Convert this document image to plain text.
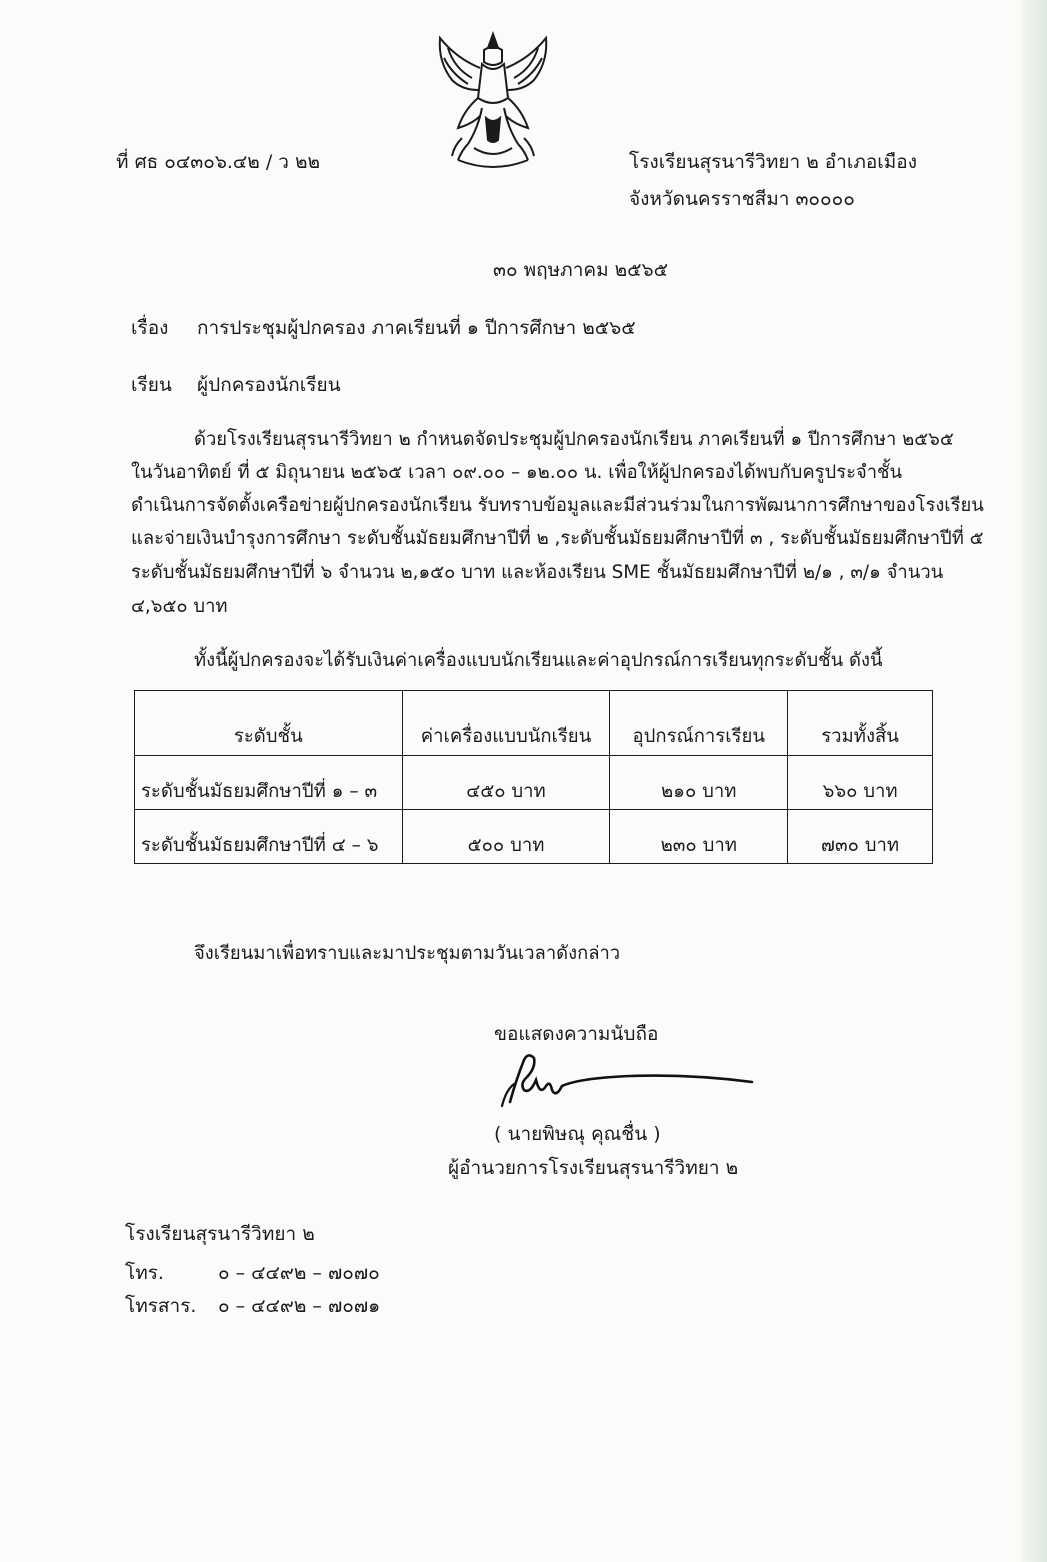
ที่ ศธ ๐๔๓๐๖.๔๒ / ว ๒๒	โรงเรียนสุรนารีวิทยา ๒ อำเภอเมือง
จังหวัดนครราชสีมา ๓๐๐๐๐
๓๐ พฤษภาคม ๒๕๖๕
เรื่อง การประชุมผู้ปกครอง ภาคเรียนที่ ๑ ปีการศึกษา ๒๕๖๕
เรียน ผู้ปกครองนักเรียน
ด้วยโรงเรียนสุรนารีวิทยา ๒ กำหนดจัดประชุมผู้ปกครองนักเรียน ภาคเรียนที่ ๑ ปีการศึกษา ๒๕๖๕
ในวันอาทิตย์ ที่ ๕ มิถุนายน ๒๕๖๕ เวลา ๐๙.๐๐ – ๑๒.๐๐ น. เพื่อให้ผู้ปกครองได้พบกับครูประจำชั้น
ดำเนินการจัดตั้งเครือข่ายผู้ปกครองนักเรียน รับทราบข้อมูลและมีส่วนร่วมในการพัฒนาการศึกษาของโรงเรียน
และจ่ายเงินบำรุงการศึกษา ระดับชั้นมัธยมศึกษาปีที่ ๒ ,ระดับชั้นมัธยมศึกษาปีที่ ๓ , ระดับชั้นมัธยมศึกษาปีที่ ๕
ระดับชั้นมัธยมศึกษาปีที่ ๖ จำนวน ๒,๑๕๐ บาท และห้องเรียน SME ชั้นมัธยมศึกษาปีที่ ๒/๑ , ๓/๑ จำนวน
๔,๖๕๐ บาท
ทั้งนี้ผู้ปกครองจะได้รับเงินค่าเครื่องแบบนักเรียนและค่าอุปกรณ์การเรียนทุกระดับชั้น ดังนี้
ระดับชั้น	ค่าเครื่องแบบนักเรียน	อุปกรณ์การเรียน	รวมทั้งสิ้น
ระดับชั้นมัธยมศึกษาปีที่ ๑ – ๓	๔๕๐ บาท	๒๑๐ บาท	๖๖๐ บาท
ระดับชั้นมัธยมศึกษาปีที่ ๔ – ๖	๕๐๐ บาท	๒๓๐ บาท	๗๓๐ บาท
จึงเรียนมาเพื่อทราบและมาประชุมตามวันเวลาดังกล่าว
ขอแสดงความนับถือ
( นายพิษณุ คุณชื่น )
ผู้อำนวยการโรงเรียนสุรนารีวิทยา ๒
โรงเรียนสุรนารีวิทยา ๒
โทร.	๐ – ๔๔๙๒ – ๗๐๗๐
โทรสาร. ๐ – ๔๔๙๒ – ๗๐๗๑
